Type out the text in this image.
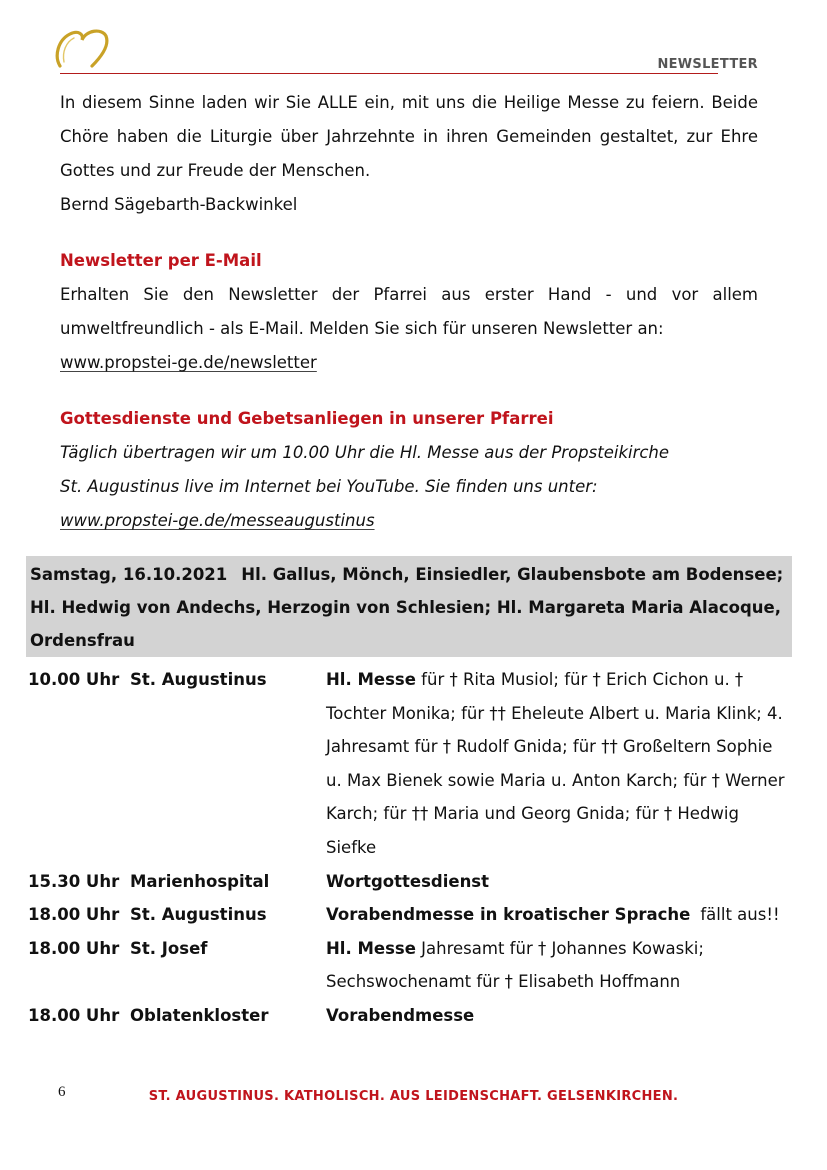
NEWSLETTER
In diesem Sinne laden wir Sie ALLE ein, mit uns die Heilige Messe zu feiern. Beide Chöre haben die Liturgie über Jahrzehnte in ihren Gemeinden gestaltet, zur Ehre Gottes und zur Freude der Menschen.
Bernd Sägebarth-Backwinkel
Newsletter per E-Mail
Erhalten Sie den Newsletter der Pfarrei aus erster Hand - und vor allem umweltfreundlich - als E-Mail. Melden Sie sich für unseren Newsletter an:
www.propstei-ge.de/newsletter
Gottesdienste und Gebetsanliegen in unserer Pfarrei
Täglich übertragen wir um 10.00 Uhr die Hl. Messe aus der Propsteikirche
St. Augustinus live im Internet bei YouTube. Sie finden uns unter:
www.propstei-ge.de/messeaugustinus
Samstag, 16.10.2021 Hl. Gallus, Mönch, Einsiedler, Glaubensbote am Bodensee; Hl. Hedwig von Andechs, Herzogin von Schlesien; Hl. Margareta Maria Alacoque, Ordensfrau
10.00 Uhr St. Augustinus	Hl. Messe für † Rita Musiol; für † Erich Cichon u. † Tochter Monika; für †† Eheleute Albert u. Maria Klink; 4. Jahresamt für † Rudolf Gnida; für †† Großeltern Sophie u. Max Bienek sowie Maria u. Anton Karch; für † Werner Karch; für †† Maria und Georg Gnida; für † Hedwig Siefke
15.30 Uhr Marienhospital	Wortgottesdienst
18.00 Uhr St. Augustinus	Vorabendmesse in kroatischer Sprache fällt aus!!
18.00 Uhr St. Josef	Hl. Messe Jahresamt für † Johannes Kowaski; Sechswochenamt für † Elisabeth Hoffmann
18.00 Uhr Oblatenkloster	Vorabendmesse
6	ST. AUGUSTINUS. KATHOLISCH. AUS LEIDENSCHAFT. GELSENKIRCHEN.
